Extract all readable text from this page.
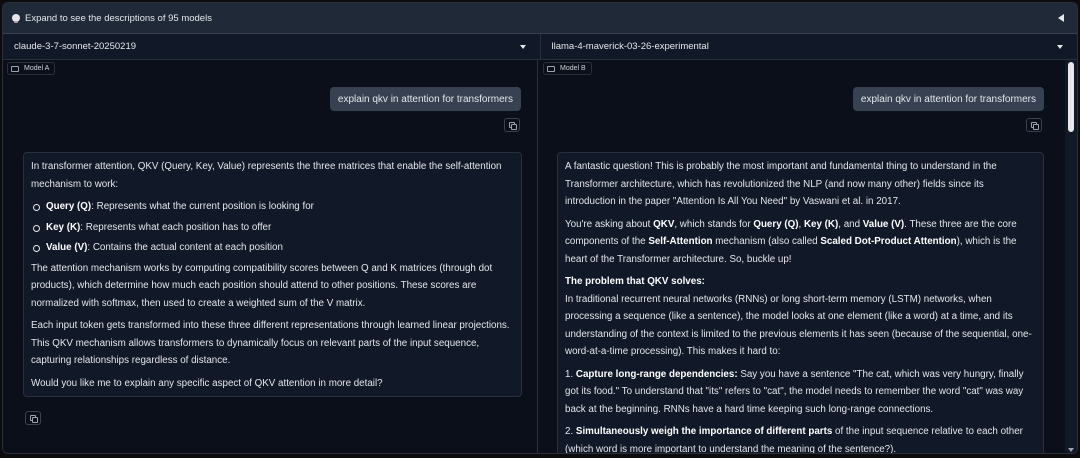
Expand to see the descriptions of 95 models
claude-3-7-sonnet-20250219	llama-4-maverick-03-26-experimental
Model A
explain qkv in attention for transformers

In transformer attention, QKV (Query, Key, Value) represents the three matrices that enable the self-attention mechanism to work:

Query (Q): Represents what the current position is looking for
Key (K): Represents what each position has to offer
Value (V): Contains the actual content at each position

The attention mechanism works by computing compatibility scores between Q and K matrices (through dot products), which determine how much each position should attend to other positions. These scores are normalized with softmax, then used to create a weighted sum of the V matrix.

Each input token gets transformed into these three different representations through learned linear projections. This QKV mechanism allows transformers to dynamically focus on relevant parts of the input sequence, capturing relationships regardless of distance.

Would you like me to explain any specific aspect of QKV attention in more detail?

Model B
explain qkv in attention for transformers

A fantastic question! This is probably the most important and fundamental thing to understand in the Transformer architecture, which has revolutionized the NLP (and now many other) fields since its introduction in the paper "Attention Is All You Need" by Vaswani et al. in 2017.

You're asking about QKV, which stands for Query (Q), Key (K), and Value (V). These three are the core components of the Self-Attention mechanism (also called Scaled Dot-Product Attention), which is the heart of the Transformer architecture. So, buckle up!

The problem that QKV solves:

In traditional recurrent neural networks (RNNs) or long short-term memory (LSTM) networks, when processing a sequence (like a sentence), the model looks at one element (like a word) at a time, and its understanding of the context is limited to the previous elements it has seen (because of the sequential, one-word-at-a-time processing). This makes it hard to:

1. Capture long-range dependencies: Say you have a sentence "The cat, which was very hungry, finally got its food." To understand that "its" refers to "cat", the model needs to remember the word "cat" was way back at the beginning. RNNs have a hard time keeping such long-range connections.

2. Simultaneously weigh the importance of different parts of the input sequence relative to each other (which word is more important to understand the meaning of the sentence?).
